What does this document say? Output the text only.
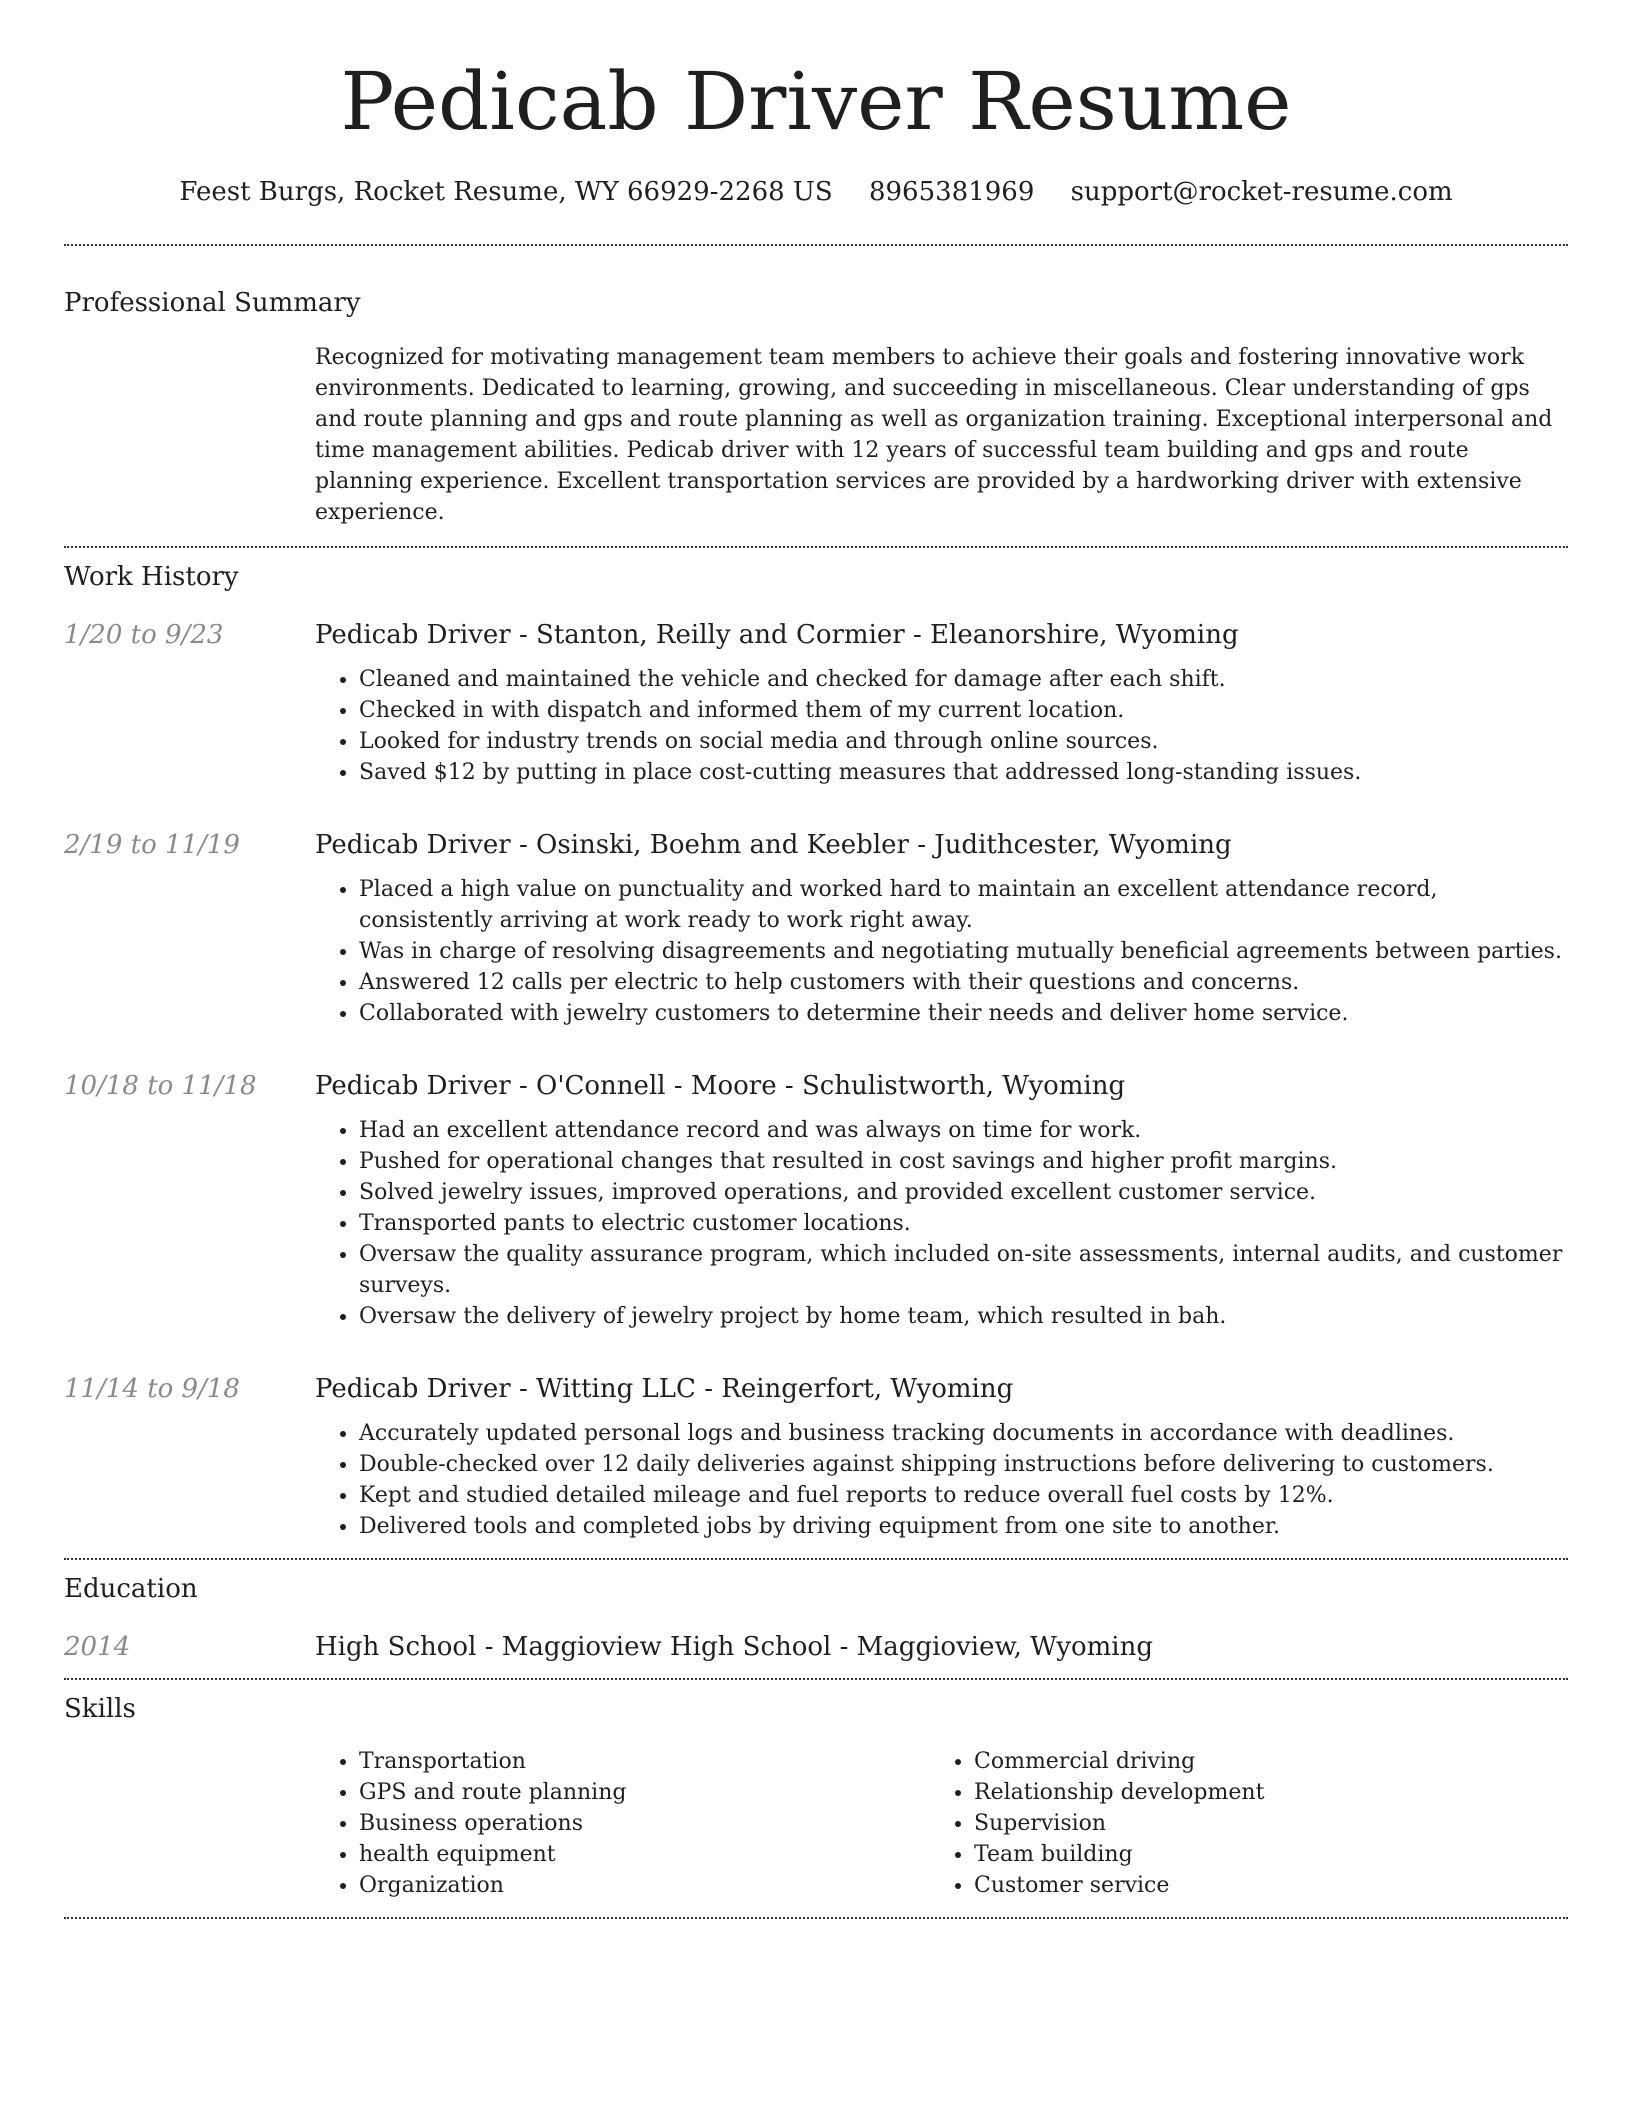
Pedicab Driver Resume
Feest Burgs, Rocket Resume, WY 66929-2268 US 8965381969 support@rocket-resume.com
Professional Summary
Recognized for motivating management team members to achieve their goals and fostering innovative work environments. Dedicated to learning, growing, and succeeding in miscellaneous. Clear understanding of gps and route planning and gps and route planning as well as organization training. Exceptional interpersonal and time management abilities. Pedicab driver with 12 years of successful team building and gps and route planning experience. Excellent transportation services are provided by a hardworking driver with extensive experience.
Work History
1/20 to 9/23	Pedicab Driver - Stanton, Reilly and Cormier - Eleanorshire, Wyoming
• Cleaned and maintained the vehicle and checked for damage after each shift.
• Checked in with dispatch and informed them of my current location.
• Looked for industry trends on social media and through online sources.
• Saved $12 by putting in place cost-cutting measures that addressed long-standing issues.
2/19 to 11/19	Pedicab Driver - Osinski, Boehm and Keebler - Judithcester, Wyoming
• Placed a high value on punctuality and worked hard to maintain an excellent attendance record, consistently arriving at work ready to work right away.
• Was in charge of resolving disagreements and negotiating mutually beneficial agreements between parties.
• Answered 12 calls per electric to help customers with their questions and concerns.
• Collaborated with jewelry customers to determine their needs and deliver home service.
10/18 to 11/18	Pedicab Driver - O'Connell - Moore - Schulistworth, Wyoming
• Had an excellent attendance record and was always on time for work.
• Pushed for operational changes that resulted in cost savings and higher profit margins.
• Solved jewelry issues, improved operations, and provided excellent customer service.
• Transported pants to electric customer locations.
• Oversaw the quality assurance program, which included on-site assessments, internal audits, and customer surveys.
• Oversaw the delivery of jewelry project by home team, which resulted in bah.
11/14 to 9/18	Pedicab Driver - Witting LLC - Reingerfort, Wyoming
• Accurately updated personal logs and business tracking documents in accordance with deadlines.
• Double-checked over 12 daily deliveries against shipping instructions before delivering to customers.
• Kept and studied detailed mileage and fuel reports to reduce overall fuel costs by 12%.
• Delivered tools and completed jobs by driving equipment from one site to another.
Education
2014	High School - Maggioview High School - Maggioview, Wyoming
Skills
• Transportation
• GPS and route planning
• Business operations
• health equipment
• Organization
• Commercial driving
• Relationship development
• Supervision
• Team building
• Customer service
